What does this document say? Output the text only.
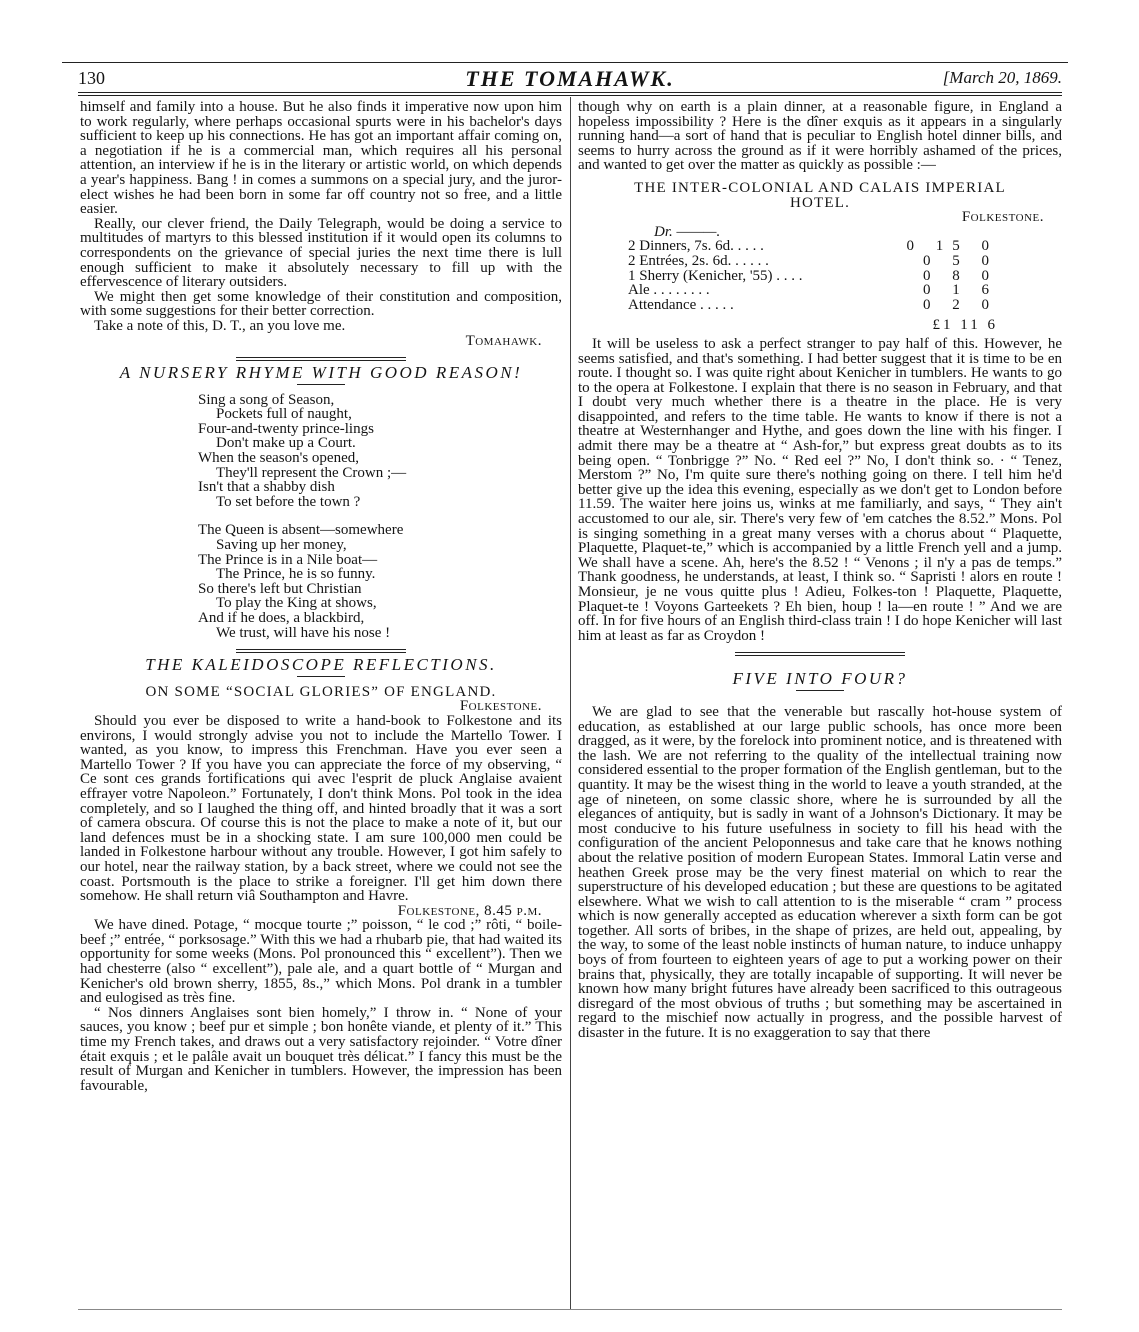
130	THE TOMAHAWK.	[March 20, 1869.

himself and family into a house. But he also finds it imperative now upon him to work regularly, where perhaps occasional spurts were in his bachelor's days sufficient to keep up his connections. He has got an important affair coming on, a negotiation if he is a commercial man, which requires all his personal attention, an interview if he is in the literary or artistic world, on which depends a year's happiness. Bang ! in comes a summons on a special jury, and the juror-elect wishes he had been born in some far off country not so free, and a little easier.

Really, our clever friend, the Daily Telegraph, would be doing a service to multitudes of martyrs to this blessed institution if it would open its columns to correspondents on the grievance of special juries the next time there is lull enough sufficient to make it absolutely necessary to fill up with the effervescence of literary outsiders.

We might then get some knowledge of their constitution and composition, with some suggestions for their better correction.

Take a note of this, D. T., an you love me.

Tomahawk.

A NURSERY RHYME WITH GOOD REASON!
Sing a song of Season,
Pockets full of naught,
Four-and-twenty prince-lings
Don't make up a Court.
When the season's opened,
They'll represent the Crown ;—
Isn't that a shabby dish
To set before the town ?
The Queen is absent—somewhere
Saving up her money,
The Prince is in a Nile boat—
The Prince, he is so funny.
So there's left but Christian
To play the King at shows,
And if he does, a blackbird,
We trust, will have his nose !
THE KALEIDOSCOPE REFLECTIONS.
ON SOME “SOCIAL GLORIES” OF ENGLAND.

Folkestone.

Should you ever be disposed to write a hand-book to Folkestone and its environs, I would strongly advise you not to include the Martello Tower. I wanted, as you know, to impress this Frenchman. Have you ever seen a Martello Tower ? If you have you can appreciate the force of my observing, “ Ce sont ces grands fortifications qui avec l'esprit de pluck Anglaise avaient effrayer votre Napoleon.” Fortunately, I don't think Mons. Pol took in the idea completely, and so I laughed the thing off, and hinted broadly that it was a sort of camera obscura. Of course this is not the place to make a note of it, but our land defences must be in a shocking state. I am sure 100,000 men could be landed in Folkestone harbour without any trouble. However, I got him safely to our hotel, near the railway station, by a back street, where we could not see the coast. Portsmouth is the place to strike a foreigner. I'll get him down there somehow. He shall return viâ Southampton and Havre.

Folkestone, 8.45 p.m.

We have dined. Potage, “ mocque tourte ;” poisson, “ le cod ;” rôti, “ boile-beef ;” entrée, “ porksosage.” With this we had a rhubarb pie, that had waited its opportunity for some weeks (Mons. Pol pronounced this “ excellent”). Then we had chesterre (also “ excellent”), pale ale, and a quart bottle of “ Murgan and Kenicher's old brown sherry, 1855, 8s.,” which Mons. Pol drank in a tumbler and eulogised as très fine.

“ Nos dinners Anglaises sont bien homely,” I throw in. “ None of your sauces, you know ; beef pur et simple ; bon honête viande, et plenty of it.” This time my French takes, and draws out a very satisfactory rejoinder. “ Votre dîner était exquis ; et le palâle avait un bouquet très délicat.” I fancy this must be the result of Murgan and Kenicher in tumblers. However, the impression has been favourable,

though why on earth is a plain dinner, at a reasonable figure, in England a hopeless impossibility ? Here is the dîner exquis as it appears in a singularly running hand—a sort of hand that is peculiar to English hotel dinner bills, and seems to hurry across the ground as if it were horribly ashamed of the prices, and wanted to get over the matter as quickly as possible :—

THE INTER-COLONIAL AND CALAIS IMPERIAL
HOTEL.

Folkestone.

Dr. ———.
2 Dinners, 7s. 6d. . . . .	0 15 0
2 Entrées, 2s. 6d. . . . . .	0 5 0
1 Sherry (Kenicher, '55) . . . .	0 8 0
Ale . . . . . . . .	0 1 6
Attendance . . . . .	0 2 0
£1 11 6

It will be useless to ask a perfect stranger to pay half of this. However, he seems satisfied, and that's something. I had better suggest that it is time to be en route. I thought so. I was quite right about Kenicher in tumblers. He wants to go to the opera at Folkestone. I explain that there is no season in February, and that I doubt very much whether there is a theatre in the place. He is very disappointed, and refers to the time table. He wants to know if there is not a theatre at Westernhanger and Hythe, and goes down the line with his finger. I admit there may be a theatre at “ Ash-for,” but express great doubts as to its being open. “ Tonbrigge ?” No. “ Red eel ?” No, I don't think so. · “ Tenez, Merstom ?” No, I'm quite sure there's nothing going on there. I tell him he'd better give up the idea this evening, especially as we don't get to London before 11.59. The waiter here joins us, winks at me familiarly, and says, “ They ain't accustomed to our ale, sir. There's very few of 'em catches the 8.52.” Mons. Pol is singing something in a great many verses with a chorus about “ Plaquette, Plaquette, Plaquet-te,” which is accompanied by a little French yell and a jump. We shall have a scene. Ah, here's the 8.52 ! “ Venons ; il n'y a pas de temps.” Thank goodness, he understands, at least, I think so. “ Sapristi ! alors en route ! Monsieur, je ne vous quitte plus ! Adieu, Folkes-ton ! Plaquette, Plaquette, Plaquet-te ! Voyons Garteekets ? Eh bien, houp ! la—en route ! ” And we are off. In for five hours of an English third-class train ! I do hope Kenicher will last him at least as far as Croydon !

FIVE INTO FOUR?

We are glad to see that the venerable but rascally hot-house system of education, as established at our large public schools, has once more been dragged, as it were, by the forelock into prominent notice, and is threatened with the lash. We are not referring to the quality of the intellectual training now considered essential to the proper formation of the English gentleman, but to the quantity. It may be the wisest thing in the world to leave a youth stranded, at the age of nineteen, on some classic shore, where he is surrounded by all the elegances of antiquity, but is sadly in want of a Johnson's Dictionary. It may be most conducive to his future usefulness in society to fill his head with the configuration of the ancient Peloponnesus and take care that he knows nothing about the relative position of modern European States. Immoral Latin verse and heathen Greek prose may be the very finest material on which to rear the superstructure of his developed education ; but these are questions to be agitated elsewhere. What we wish to call attention to is the miserable “ cram ” process which is now generally accepted as education wherever a sixth form can be got together. All sorts of bribes, in the shape of prizes, are held out, appealing, by the way, to some of the least noble instincts of human nature, to induce unhappy boys of from fourteen to eighteen years of age to put a working power on their brains that, physically, they are totally incapable of supporting. It will never be known how many bright futures have already been sacrificed to this outrageous disregard of the most obvious of truths ; but something may be ascertained in regard to the mischief now actually in progress, and the possible harvest of disaster in the future. It is no exaggeration to say that there
